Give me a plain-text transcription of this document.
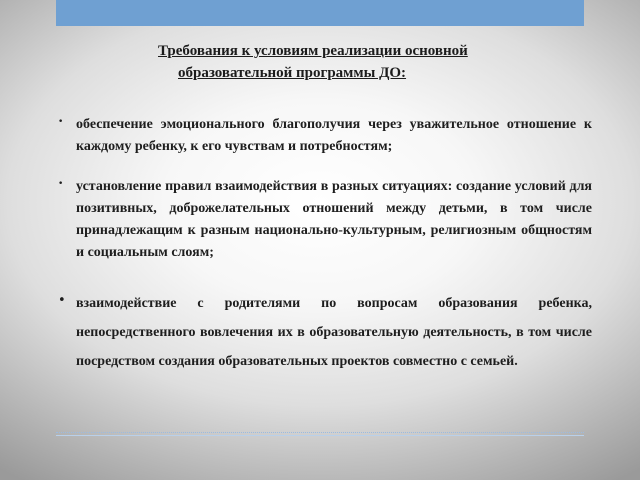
Требования к условиям реализации основной
образовательной программы ДО:
• обеспечение эмоционального благополучия через уважительное отношение к каждому ребенку, к его чувствам и потребностям;
• установление правил взаимодействия в разных ситуациях: создание условий для позитивных, доброжелательных отношений между детьми, в том числе принадлежащим к разным национально-культурным, религиозным общностям и социальным слоям;
• взаимодействие с родителями по вопросам образования ребенка, непосредственного вовлечения их в образовательную деятельность, в том числе посредством создания образовательных проектов совместно с семьей.
